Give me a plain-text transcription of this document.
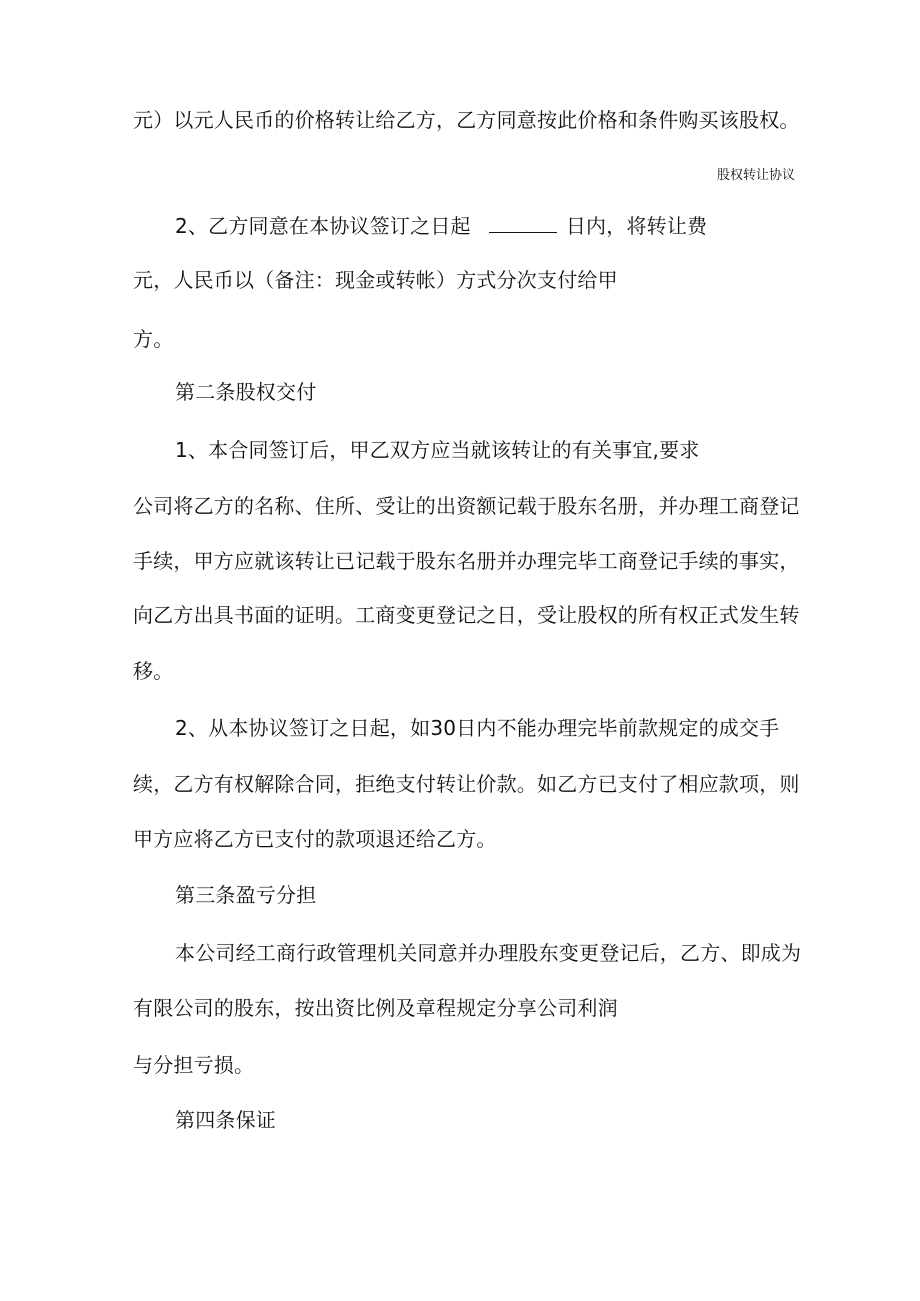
元）以元人民币的价格转让给乙方，乙方同意按此价格和条件购买该股权。
股权转让协议
2、乙方同意在本协议签订之日起	日内，将转让费
元，人民币以（备注：现金或转帐）方式分次支付给甲
方。
第二条股权交付
1、本合同签订后，甲乙双方应当就该转让的有关事宜,要求
公司将乙方的名称、住所、受让的出资额记载于股东名册，并办理工商登记
手续，甲方应就该转让已记载于股东名册并办理完毕工商登记手续的事实，
向乙方出具书面的证明。工商变更登记之日，受让股权的所有权正式发生转
移。
2、从本协议签订之日起，如30日内不能办理完毕前款规定的成交手
续，乙方有权解除合同，拒绝支付转让价款。如乙方已支付了相应款项，则
甲方应将乙方已支付的款项退还给乙方。
第三条盈亏分担
本公司经工商行政管理机关同意并办理股东变更登记后，乙方、即成为
有限公司的股东，按出资比例及章程规定分享公司利润
与分担亏损。
第四条保证
